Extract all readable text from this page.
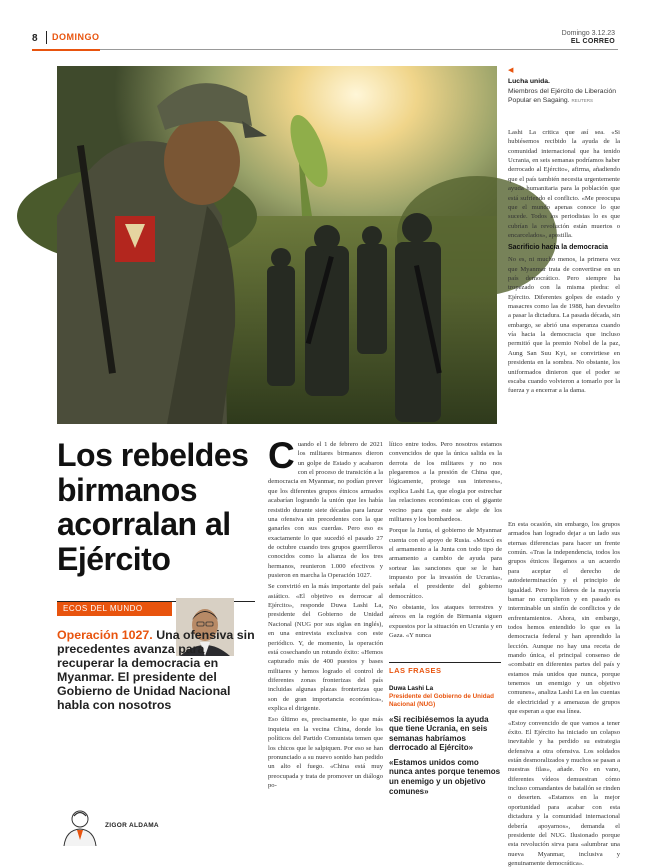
8 DOMINGO	Domingo 3.12.23
EL CORREO
◀
Lucha unida.
Miembros del Ejército de Liberación Popular en Sagaing. REUTERS

Lashi La critica que así sea. «Si hubiésemos recibido la ayuda de la comunidad internacional que ha tenido Ucrania, en seis semanas podríamos haber derrocado al Ejército», afirma, añadiendo que el país también necesita urgentemente ayuda humanitaria para la población que está sufriendo el conflicto. «Me preocupa que el mundo apenas conoce lo que sucede. Todos los periodistas lo es que cubrían la revolución están muertos o encarcelados», apostilla.

Sacrificio hacia la democracia

No es, ni mucho menos, la primera vez que Myanmar trata de convertirse en un país democrático. Pero siempre ha tropezado con la misma piedra: el Ejército. Diferentes golpes de estado y masacres como las de 1988, han devuelto a pasar la dictadura. La pasada década, sin embargo, se abrió una esperanza cuando vía hacia la democracia que incluso permitió que la premio Nobel de la paz, Aung San Suu Kyi, se convirtiese en presidenta en la sombra. No obstante, los uniformados dinieron que el poder se escaba cuando volvieron a tomarlo por la fuerza y a encerrar a la dama.

Los rebeldes birmanos acorralan al Ejército
ECOS DEL MUNDO
Operación 1027. Una ofensiva sin precedentes avanza para recuperar la democracia en Myanmar. El presidente del Gobierno de Unidad Nacional habla con nosotros
ZIGOR ALDAMA
C uando el 1 de febrero de 2021 los militares birmanos dieron un golpe de Estado y acabaron con el proceso de transición a la democracia en Myanmar, no podían prever que los diferentes grupos étnicos armados acabarían logrando la unión que les había resistido durante siete décadas para lanzar una ofensiva sin precedentes con la que ganarles con sus cuerdas. Pero eso es exactamente lo que sucedió el pasado 27 de octubre cuando tres grupos guerrilleros conocidos como la alianza de los tres hermanos, reunieron 1.000 efectivos y pusieron en marcha la Operación 1027.

Se convirtió en la más importante del país asiático. «El objetivo es derrocar al Ejército», responde Duwa Lashi La, presidente del Gobierno de Unidad Nacional (NUG por sus siglas en inglés), en una entrevista exclusiva con este periódico. Y, de momento, la operación está cosechando un rotundo éxito: «Hemos capturado más de 400 puestos y bases militares y hemos logrado el control de diferentes zonas fronterizas del país incluidas algunas plazas fronterizas que son de gran importancia económica», explica el dirigente.

Eso último es, precisamente, lo que más inquieta en la vecina China, donde los políticos del Partido Comunista temen que los chicos que le salpiquen. Por eso se han pronunciado a su nuevo sonido han pedido un alto el fuego. «China está muy preocupada y trata de promover un diálogo po-

lítico entre todos. Pero nosotros estamos convencidos de que la única salida es la derrota de los militares y no nos plegaremos a la presión de China que, lógicamente, protege sus intereses», explica Lashi La, que elogia por estrechar las relaciones económicas con el gigante vecino para que este se aleje de los militares y los bombardeos.

Porque la Junta, el gobierno de Myanmar cuenta con el apoyo de Rusia. «Moscú es el armamento a la Junta con todo tipo de armamento a cambio de ayuda para sortear las sanciones que se le han impuesto por la invasión de Ucrania», señala el presidente del gobierno democrático.

No obstante, los ataques terrestres y aéreos en la región de Birmania siguen expuestos por la situación en Ucrania y en Gaza. «Y nunca

LAS FRASES
Duwa Lashi La
Presidente del Gobierno de Unidad Nacional (NUG)
«Si recibiésemos la ayuda que tiene Ucrania, en seis semanas habríamos derrocado al Ejército»
«Estamos unidos como nunca antes porque tenemos un enemigo y un objetivo comunes»

En esta ocasión, sin embargo, los grupos armados han logrado dejar a un lado sus eternas diferencias para hacer un frente común. «Tras la independencia, todos los grupos étnicos llegamos a un acuerdo para aceptar el derecho de autodeterminación y el principio de igualdad. Pero los líderes de la mayoría bamar no cumplieron y en pasado es interminable un sinfín de conflictos y de enfrentamientos. Ahora, sin embargo, todos hemos entendido lo que es la democracia federal y han aprendido la lección. Aunque no hay una receta de mando única, el principal consenso de «combatir en diferentes partes del país y estamos más unidos que nunca, porque tenemos un enemigo y un objetivo comunes», analiza Lashi La en las cuentas de electricidad y a amenazas de grupos que esperan a que esa línea.

«Estoy convencido de que vamos a tener éxito. El Ejército ha iniciado un colapso inevitable y ha perdido su estrategia defensiva a otra ofensiva. Los soldados están desmoralizados y muchos se pasan a nuestras filas», añade. No en vano, diferentes vídeos demuestran cómo incluso comandantes de batallón se rinden o deserten. «Estamos en la mejor oportunidad para acabar con esta dictadura y la comunidad internacional debería apoyarnos», demanda el presidente del NUG. Ilusionado porque esta revolución sirva para «alumbrar una nueva Myanmar, inclusiva y genuinamente democrática».
